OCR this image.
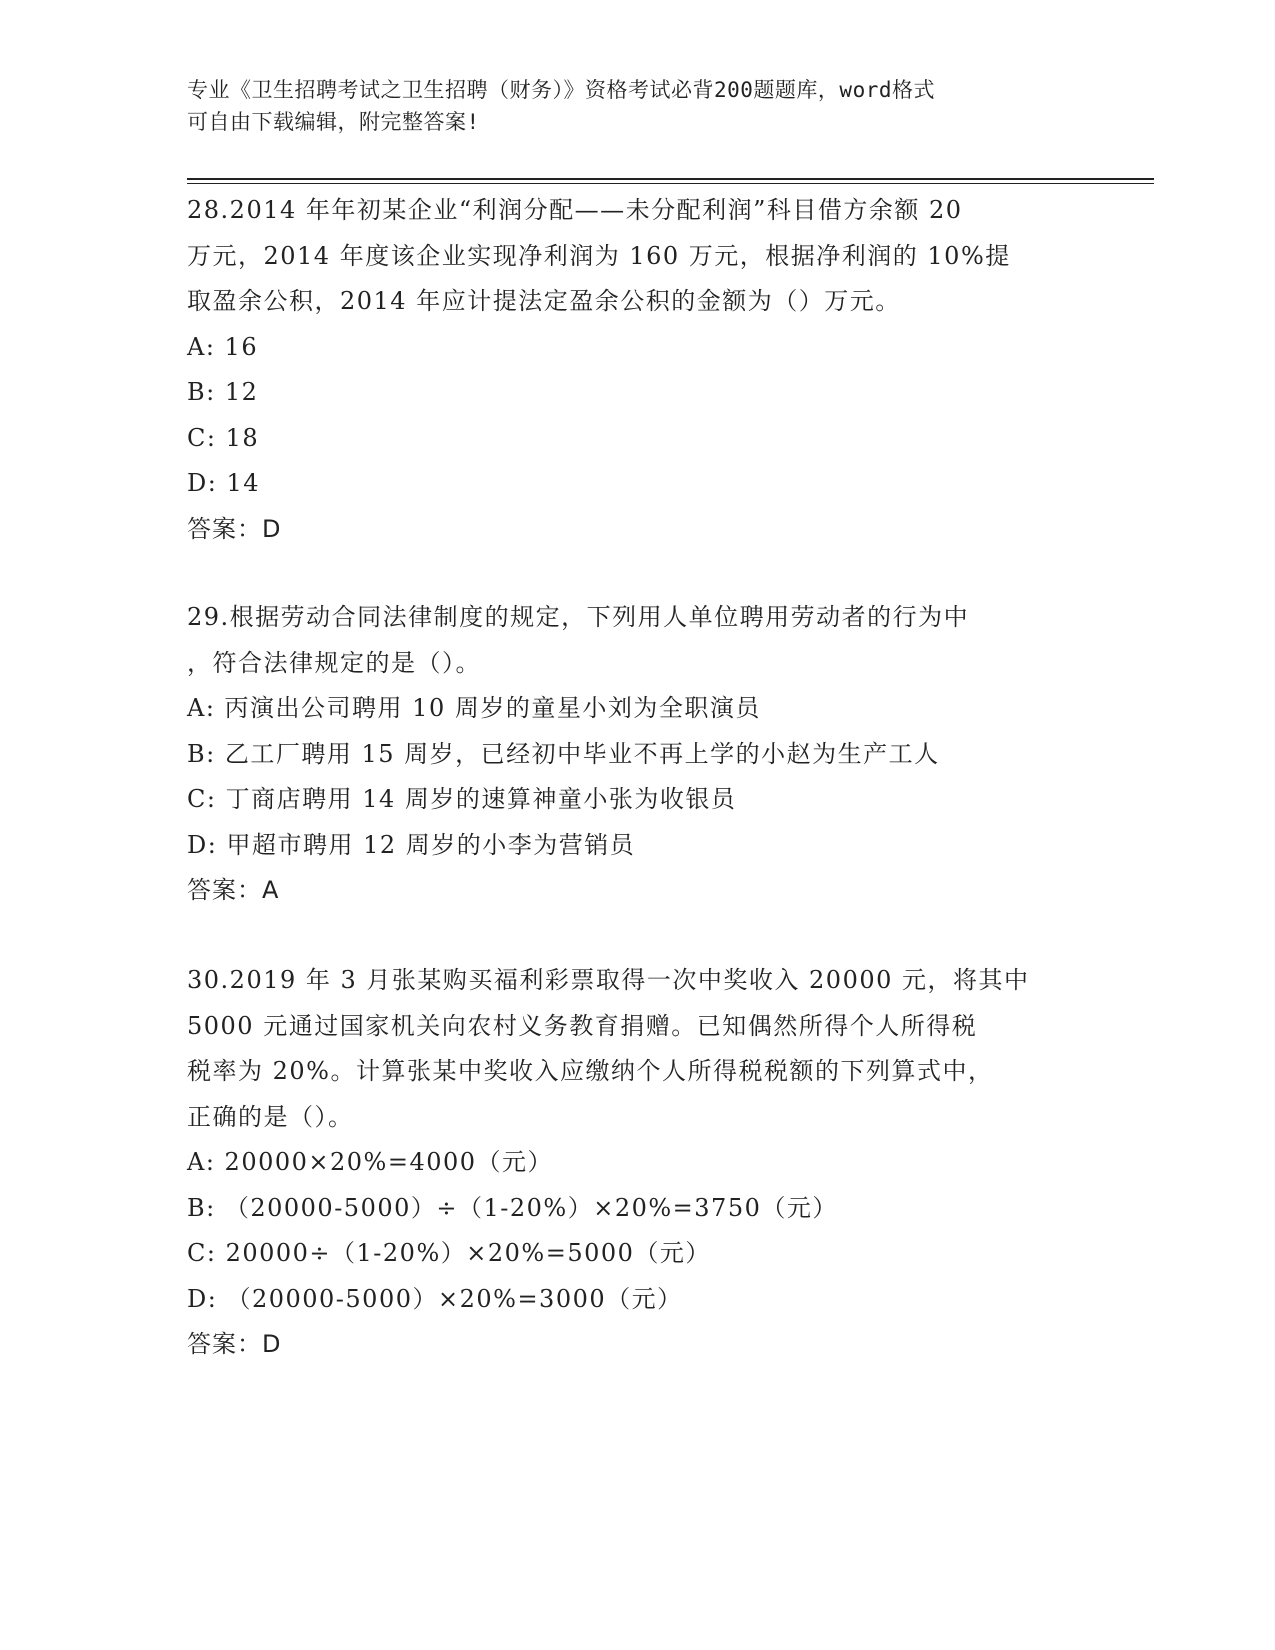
专业《卫生招聘考试之卫生招聘（财务）》资格考试必背200题题库，word格式
可自由下载编辑，附完整答案!
28.2014 年年初某企业“利润分配——未分配利润”科目借方余额 20
万元，2014 年度该企业实现净利润为 160 万元，根据净利润的 10%提
取盈余公积，2014 年应计提法定盈余公积的金额为（）万元。
A: 16
B: 12
C: 18
D: 14
答案：D
29.根据劳动合同法律制度的规定，下列用人单位聘用劳动者的行为中
，符合法律规定的是（）。
A: 丙演出公司聘用 10 周岁的童星小刘为全职演员
B: 乙工厂聘用 15 周岁，已经初中毕业不再上学的小赵为生产工人
C: 丁商店聘用 14 周岁的速算神童小张为收银员
D: 甲超市聘用 12 周岁的小李为营销员
答案：A
30.2019 年 3 月张某购买福利彩票取得一次中奖收入 20000 元，将其中
5000 元通过国家机关向农村义务教育捐赠。已知偶然所得个人所得税
税率为 20%。计算张某中奖收入应缴纳个人所得税税额的下列算式中，
正确的是（）。
A: 20000×20%=4000（元）
B: （20000-5000）÷（1-20%）×20%=3750（元）
C: 20000÷（1-20%）×20%=5000（元）
D: （20000-5000）×20%=3000（元）
答案：D
